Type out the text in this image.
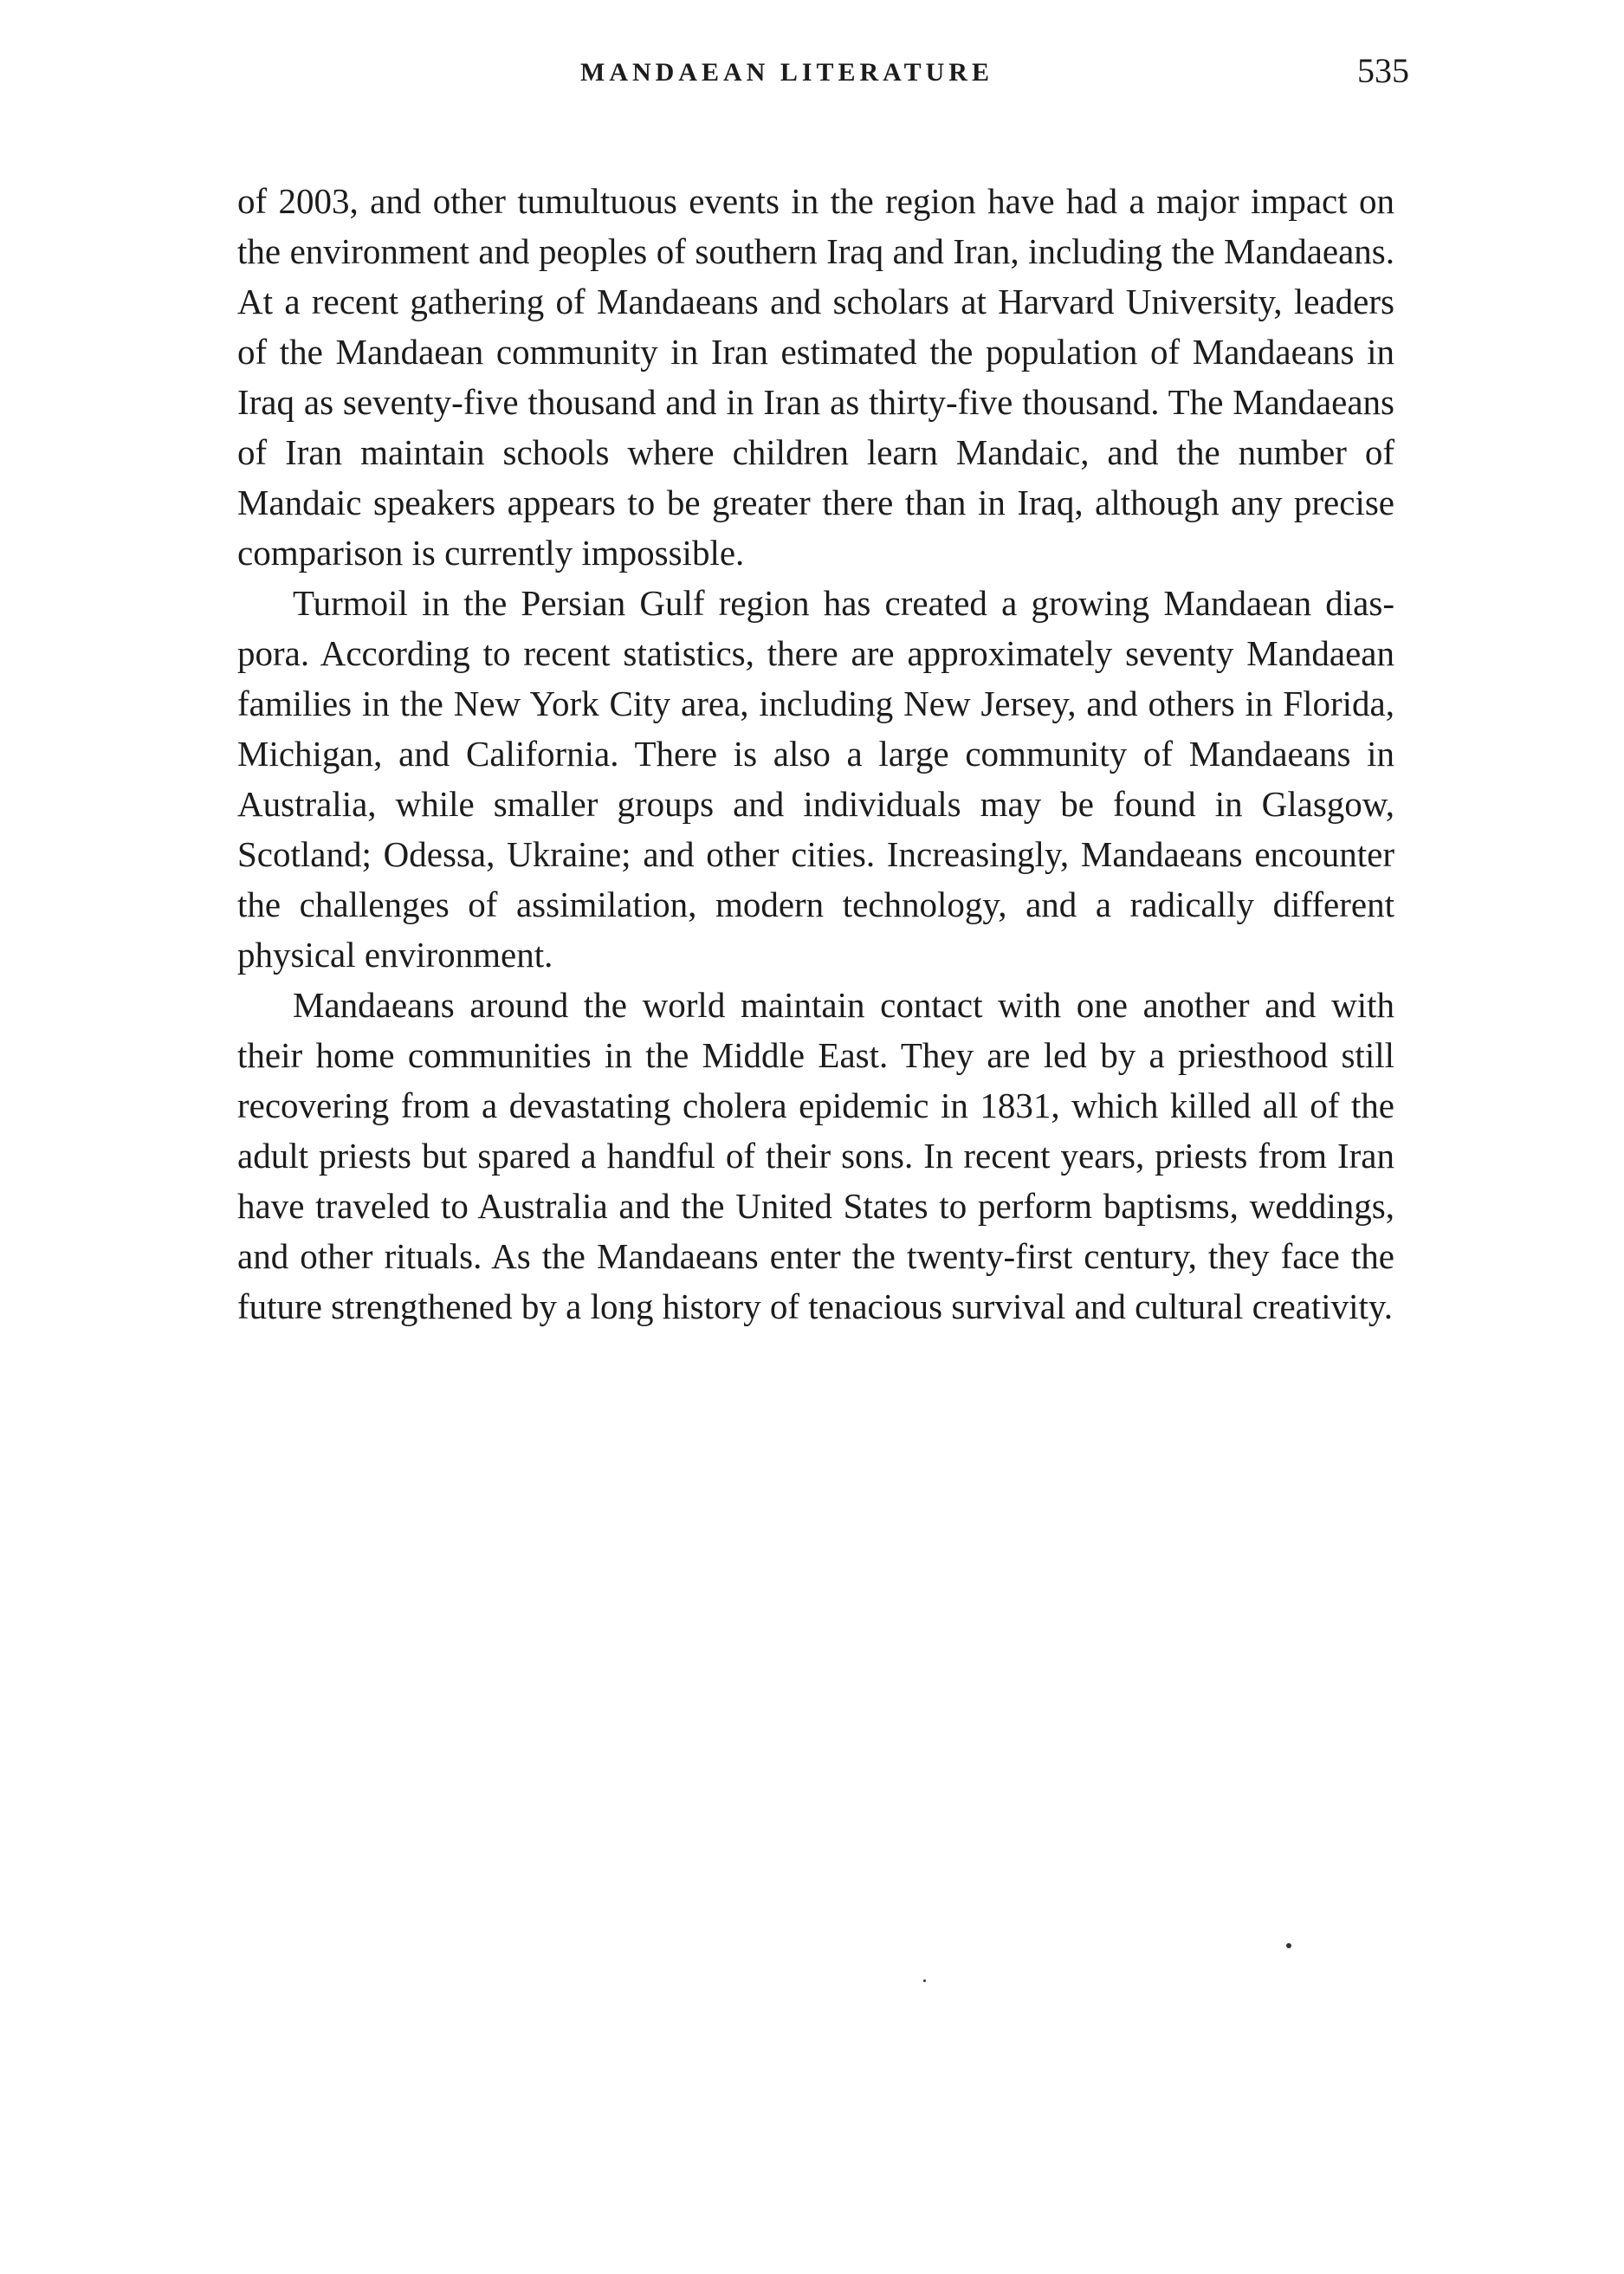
MANDAEAN LITERATURE	535

of 2003, and other tumultuous events in the region have had a major impact on the environment and peoples of southern Iraq and Iran, including the Mandaeans. At a recent gathering of Mandaeans and scholars at Harvard University, leaders of the Mandaean community in Iran estimated the population of Mandaeans in Iraq as seventy-five thousand and in Iran as thirty-five thousand. The Mandaeans of Iran maintain schools where children learn Mandaic, and the number of Mandaic speakers appears to be greater there than in Iraq, although any precise comparison is currently impossible.

Turmoil in the Persian Gulf region has created a growing Mandaean diaspora. According to recent statistics, there are approximately seventy Mandaean families in the New York City area, including New Jersey, and others in Florida, Michigan, and California. There is also a large community of Mandaeans in Australia, while smaller groups and individuals may be found in Glasgow, Scotland; Odessa, Ukraine; and other cities. Increasingly, Mandaeans encounter the challenges of assimilation, modern technology, and a radically different physical environment.

Mandaeans around the world maintain contact with one another and with their home communities in the Middle East. They are led by a priesthood still recovering from a devastating cholera epidemic in 1831, which killed all of the adult priests but spared a handful of their sons. In recent years, priests from Iran have traveled to Australia and the United States to perform baptisms, weddings, and other rituals. As the Mandaeans enter the twenty-first century, they face the future strengthened by a long history of tenacious survival and cultural creativity.
